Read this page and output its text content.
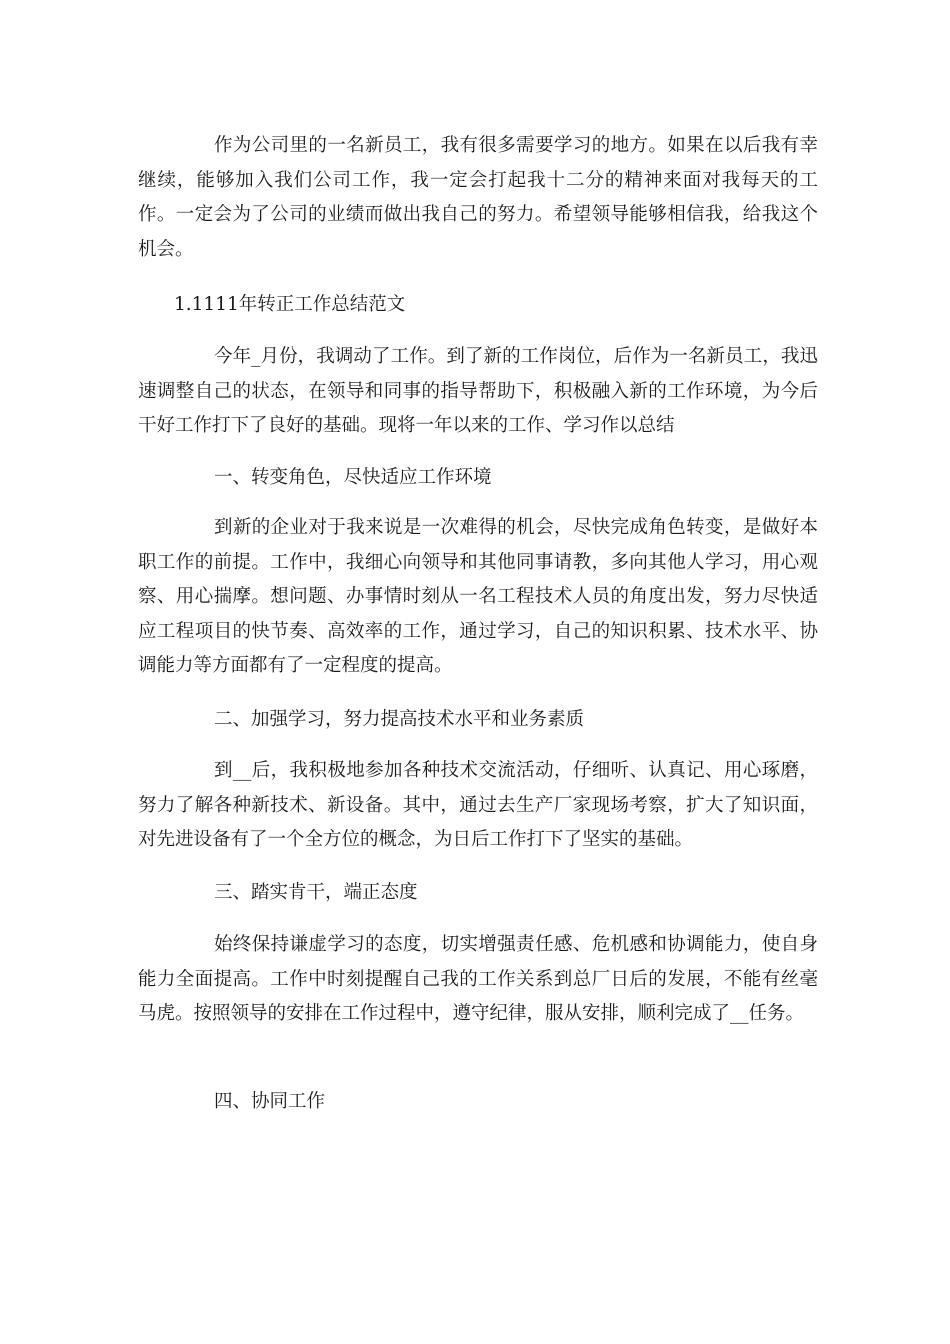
作为公司里的一名新员工，我有很多需要学习的地方。如果在以后我有幸继续，能够加入我们公司工作，我一定会打起我十二分的精神来面对我每天的工作。一定会为了公司的业绩而做出我自己的努力。希望领导能够相信我，给我这个机会。

1.1111年转正工作总结范文

今年_月份，我调动了工作。到了新的工作岗位，后作为一名新员工，我迅速调整自己的状态，在领导和同事的指导帮助下，积极融入新的工作环境，为今后干好工作打下了良好的基础。现将一年以来的工作、学习作以总结

一、转变角色，尽快适应工作环境

到新的企业对于我来说是一次难得的机会，尽快完成角色转变，是做好本职工作的前提。工作中，我细心向领导和其他同事请教，多向其他人学习，用心观察、用心揣摩。想问题、办事情时刻从一名工程技术人员的角度出发，努力尽快适应工程项目的快节奏、高效率的工作，通过学习，自己的知识积累、技术水平、协调能力等方面都有了一定程度的提高。

二、加强学习，努力提高技术水平和业务素质

到__后，我积极地参加各种技术交流活动，仔细听、认真记、用心琢磨，努力了解各种新技术、新设备。其中，通过去生产厂家现场考察，扩大了知识面，对先进设备有了一个全方位的概念，为日后工作打下了坚实的基础。

三、踏实肯干，端正态度

始终保持谦虚学习的态度，切实增强责任感、危机感和协调能力，使自身能力全面提高。工作中时刻提醒自己我的工作关系到总厂日后的发展，不能有丝毫马虎。按照领导的安排在工作过程中，遵守纪律，服从安排，顺利完成了__任务。

四、协同工作
